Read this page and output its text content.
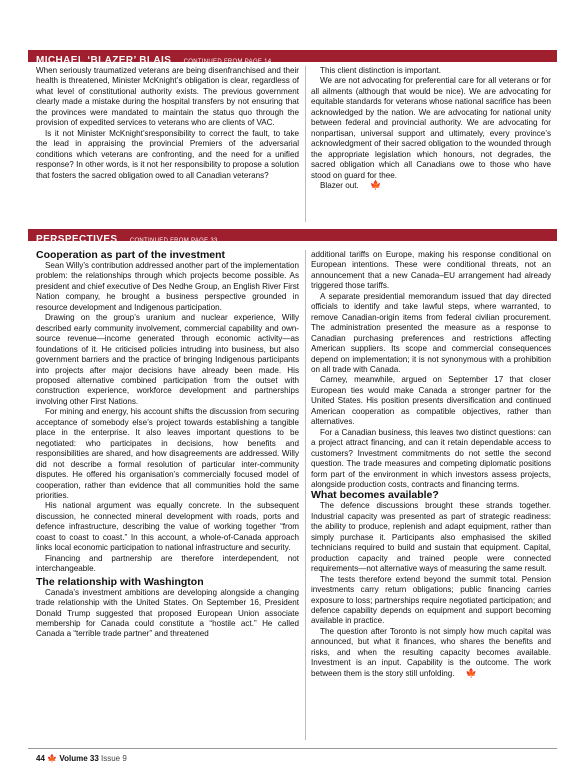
MICHAEL ‘BLAZER’ BLAIS ... CONTINUED FROM PAGE 14

When seriously traumatized veterans are being disenfranchised and their health is threatened, Minister McKnight’s obligation is clear, regardless of what level of constitutional authority exists. The previous government clearly made a mistake during the hospital transfers by not ensuring that the provinces were mandated to maintain the status quo through the provision of expedited services to veterans who are clients of VAC.

Is it not Minister McKnight’sresponsibility to correct the fault, to take the lead in appraising the provincial Premiers of the adversarial conditions which veterans are confronting, and the need for a unified response? In other words, is it not her responsibility to propose a solution that fosters the sacred obligation owed to all Canadian veterans?

This client distinction is important.

We are not advocating for preferential care for all veterans or for all ailments (although that would be nice). We are advocating for equitable standards for veterans whose national sacrifice has been acknowledged by the nation. We are advocating for national unity between federal and provincial authority. We are advocating for nonpartisan, universal support and ultimately, every province’s acknowledgment of their sacred obligation to the wounded through the appropriate legislation which honours, not degrades, the sacred obligation which all Canadians owe to those who have stood on guard for thee.

Blazer out. 🍁

PERSPECTIVES ... CONTINUED FROM PAGE 33
Cooperation as part of the investment

Sean Willy’s contribution addressed another part of the implementation problem: the relationships through which projects become possible. As president and chief executive of Des Nedhe Group, an English River First Nation company, he brought a business perspective grounded in resource development and Indigenous participation.

Drawing on the group’s uranium and nuclear experience, Willy described early community involvement, commercial capability and own-source revenue—income generated through economic activity—as foundations of it. He criticised policies intruding into business, but also government barriers and the practice of bringing Indigenous participants into projects after major decisions have already been made. His proposed alternative combined participation from the outset with construction experience, workforce development and partnerships involving other First Nations.

For mining and energy, his account shifts the discussion from securing acceptance of somebody else’s project towards establishing a tangible place in the enterprise. It also leaves important questions to be negotiated: who participates in decisions, how benefits and responsibilities are shared, and how disagreements are addressed. Willy did not describe a formal resolution of particular inter-community disputes. He offered his organisation’s commercially focused model of cooperation, rather than evidence that all communities hold the same priorities.

His national argument was equally concrete. In the subsequent discussion, he connected mineral development with roads, ports and defence infrastructure, describing the value of working together “from coast to coast to coast.” In this account, a whole-of-Canada approach links local economic participation to national infrastructure and security.

Financing and partnership are therefore interdependent, not interchangeable.

The relationship with Washington

Canada’s investment ambitions are developing alongside a changing trade relationship with the United States. On September 16, President Donald Trump suggested that proposed European Union associate membership for Canada could constitute a “hostile act.” He called Canada a “terrible trade partner” and threatened

additional tariffs on Europe, making his response conditional on European intentions. These were conditional threats, not an announcement that a new Canada–EU arrangement had already triggered those tariffs.

A separate presidential memorandum issued that day directed officials to identify and take lawful steps, where warranted, to remove Canadian-origin items from federal civilian procurement. The administration presented the measure as a response to Canadian purchasing preferences and restrictions affecting American suppliers. Its scope and commercial consequences depend on implementation; it is not synonymous with a prohibition on all trade with Canada.

Carney, meanwhile, argued on September 17 that closer European ties would make Canada a stronger partner for the United States. His position presents diversification and continued American cooperation as compatible objectives, rather than alternatives.

For a Canadian business, this leaves two distinct questions: can a project attract financing, and can it retain dependable access to customers? Investment commitments do not settle the second question. The trade measures and competing diplomatic positions form part of the environment in which investors assess projects, alongside production costs, contracts and financing terms.

What becomes available?

The defence discussions brought these strands together. Industrial capacity was presented as part of strategic readiness: the ability to produce, replenish and adapt equipment, rather than simply purchase it. Participants also emphasised the skilled technicians required to build and sustain that equipment. Capital, production capacity and trained people were connected requirements—not alternative ways of measuring the same result.

The tests therefore extend beyond the summit total. Pension investments carry return obligations; public financing carries exposure to loss; partnerships require negotiated participation; and defence capability depends on equipment and support becoming available in practice.

The question after Toronto is not simply how much capital was announced, but what it finances, who shares the benefits and risks, and when the resulting capacity becomes available. Investment is an input. Capability is the outcome. The work between them is the story still unfolding. 🍁

44 🍁 Volume 33 Issue 9
